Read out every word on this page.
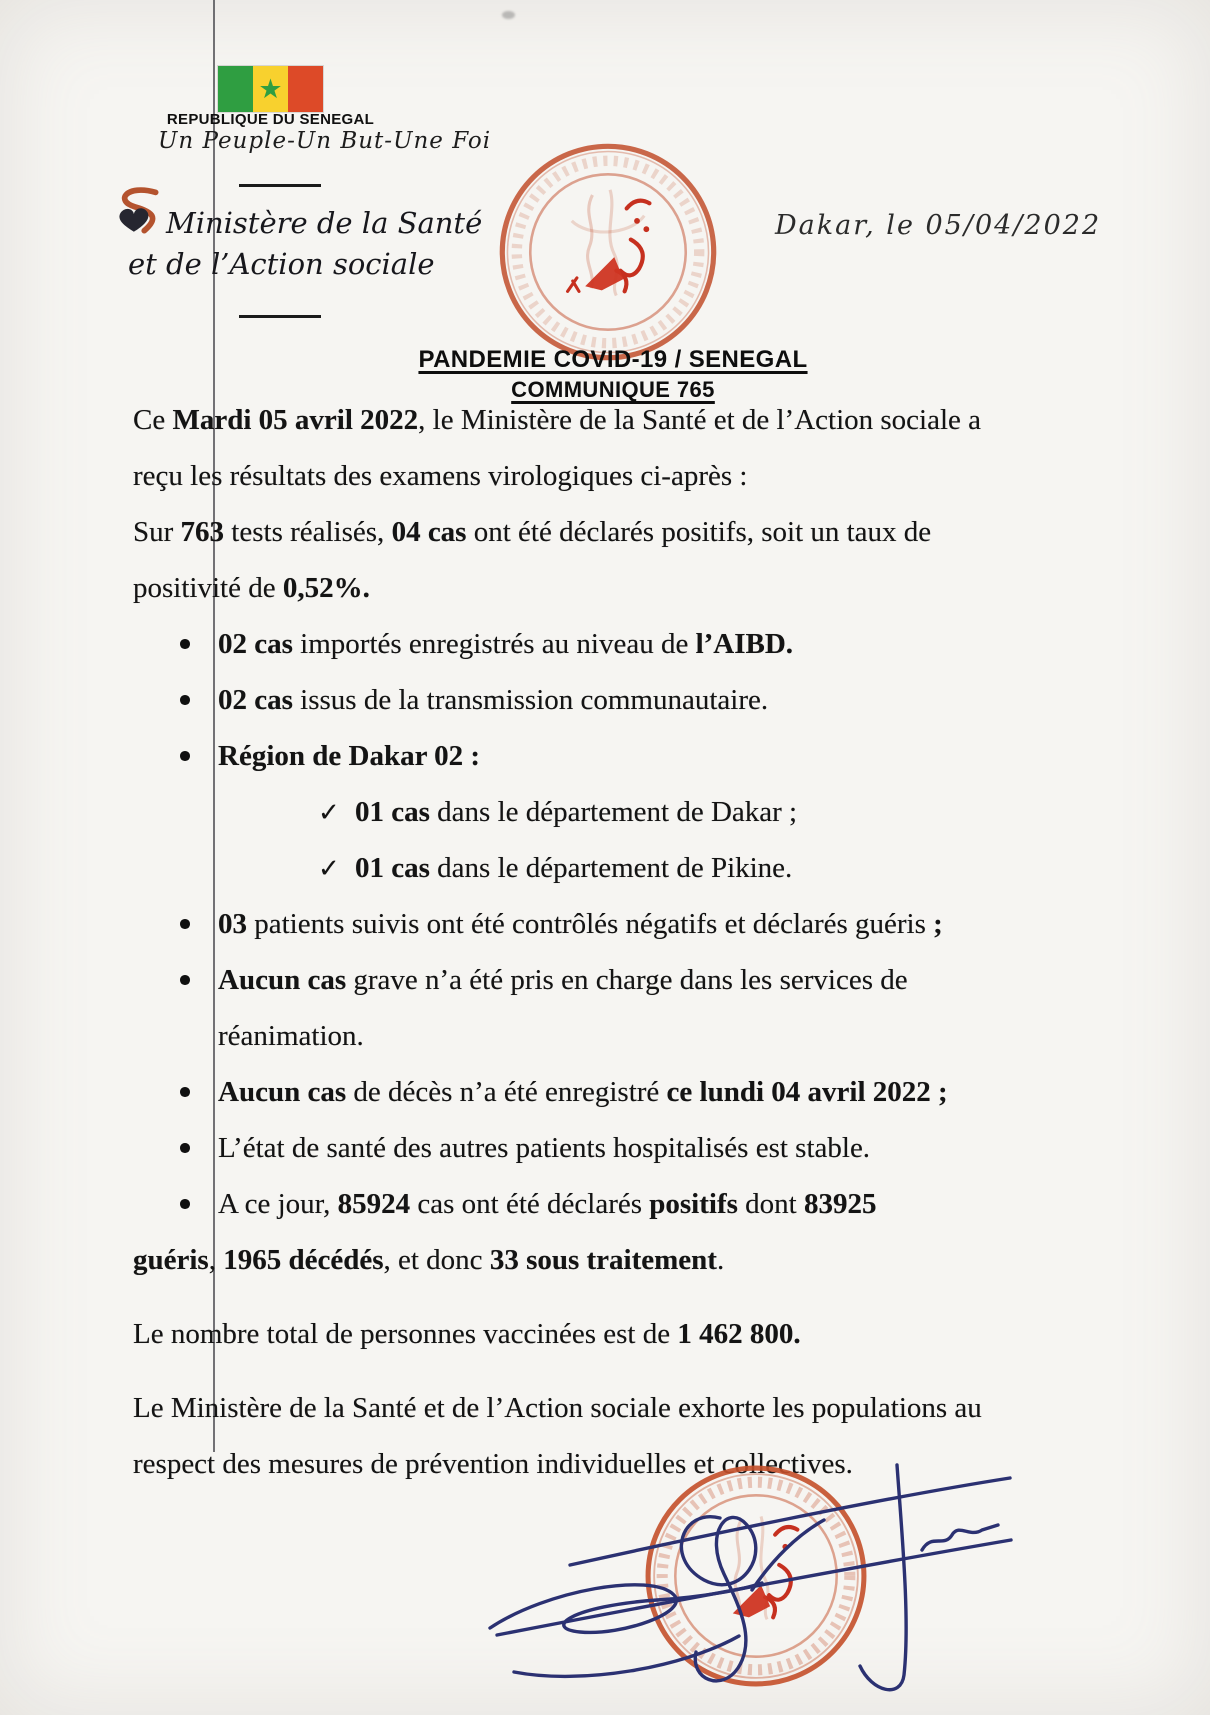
★
REPUBLIQUE DU SENEGAL
Un Peuple-Un But-Une Foi
Ministère de la Santé
et de l’Action sociale
Dakar, le 05/04/2022
PANDEMIE COVID-19 / SENEGAL
COMMUNIQUE 765
Ce Mardi 05 avril 2022, le Ministère de la Santé et de l’Action sociale a
reçu les résultats des examens virologiques ci-après :
Sur 763 tests réalisés, 04 cas ont été déclarés positifs, soit un taux de
positivité de 0,52%.
02 cas importés enregistrés au niveau de l’AIBD.
02 cas issus de la transmission communautaire.
Région de Dakar 02 :
✓ 01 cas dans le département de Dakar ;
✓ 01 cas dans le département de Pikine.
03 patients suivis ont été contrôlés négatifs et déclarés guéris ;
Aucun cas grave n’a été pris en charge dans les services de
réanimation.
Aucun cas de décès n’a été enregistré ce lundi 04 avril 2022 ;
L’état de santé des autres patients hospitalisés est stable.
A ce jour, 85924 cas ont été déclarés positifs dont 83925
guéris, 1965 décédés, et donc 33 sous traitement.
Le nombre total de personnes vaccinées est de 1 462 800.
Le Ministère de la Santé et de l’Action sociale exhorte les populations au
respect des mesures de prévention individuelles et collectives.
